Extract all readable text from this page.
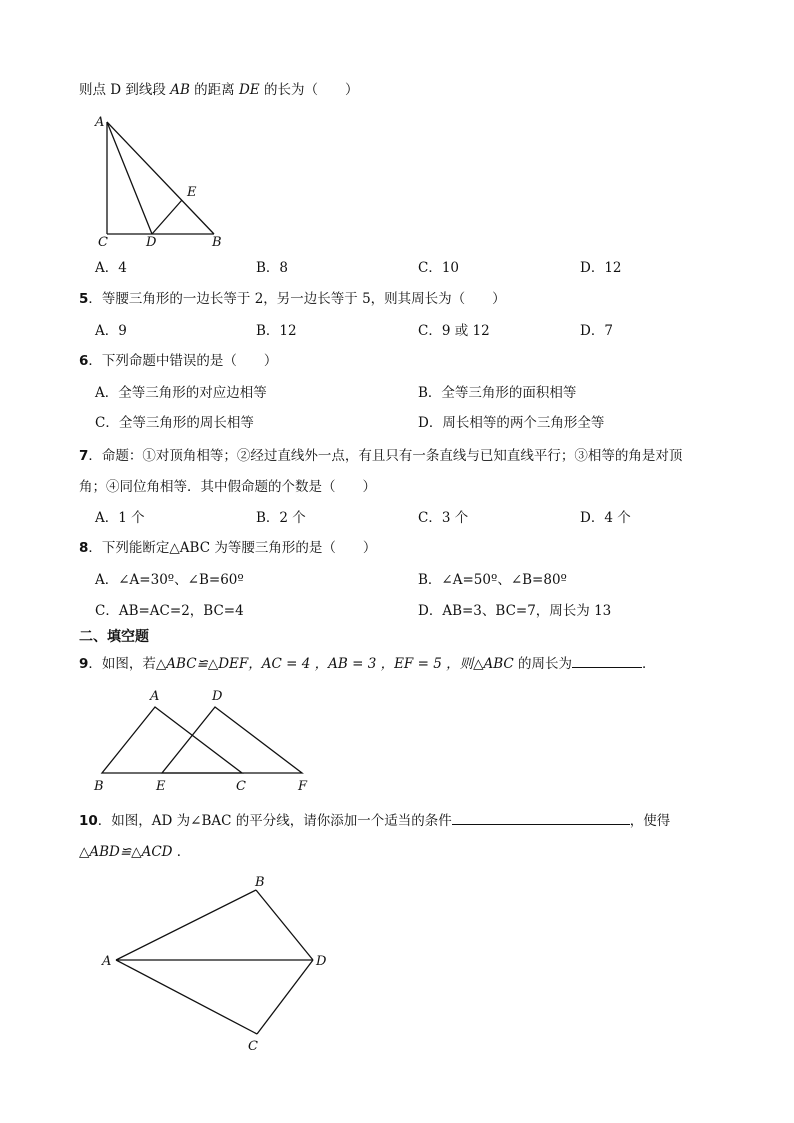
则点 D 到线段 AB 的距离 DE 的长为（　　）
A
C	D	B
E
A．4	B．8	C．10	D．12
5．等腰三角形的一边长等于 2，另一边长等于 5，则其周长为（　　）
A．9	B．12	C．9 或 12	D．7
6．下列命题中错误的是（　　）
A．全等三角形的对应边相等	B．全等三角形的面积相等
C．全等三角形的周长相等	D．周长相等的两个三角形全等
7．命题：①对顶角相等；②经过直线外一点，有且只有一条直线与已知直线平行；③相等的角是对顶
角；④同位角相等．其中假命题的个数是（　　）
A．1 个	B．2 个	C．3 个	D．4 个
8．下列能断定△ABC 为等腰三角形的是（　　）
A．∠A=30º、∠B=60º	B．∠A=50º、∠B=80º
C．AB=AC=2，BC=4	D．AB=3、BC=7，周长为 13
二、填空题
9．如图，若△ABC≌△DEF，AC = 4 ，AB = 3 ，EF = 5 ，则△ABC 的周长为	．
A	D
B	E	C	F
10．如图，AD 为∠BAC 的平分线，请你添加一个适当的条件	，使得
△ABD≌△ACD ．
A
B
D
C
